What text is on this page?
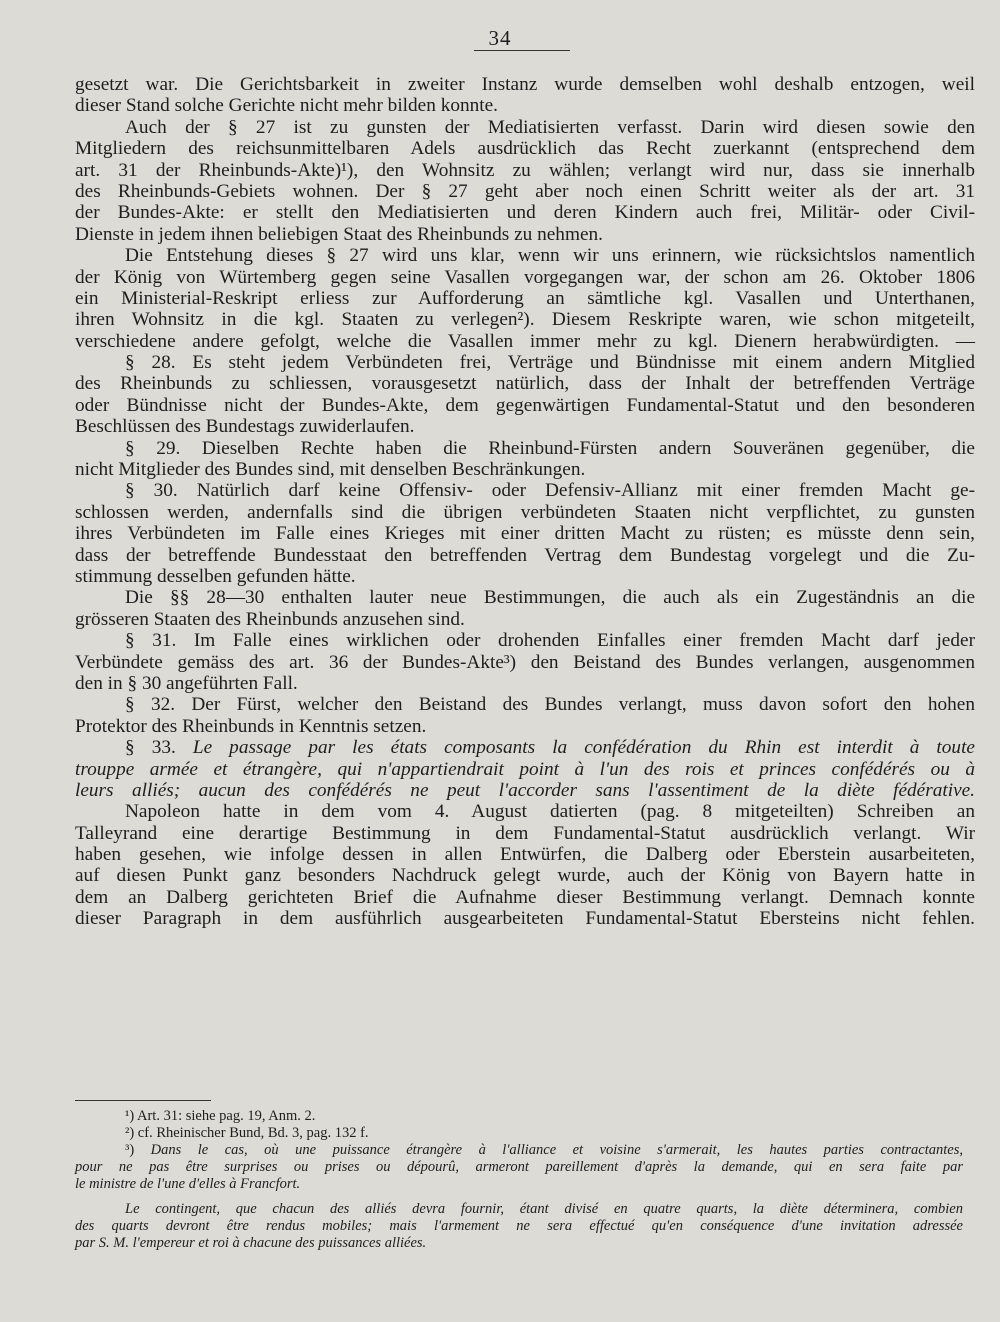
34
gesetzt war. Die Gerichtsbarkeit in zweiter Instanz wurde demselben wohl deshalb entzogen, weil
dieser Stand solche Gerichte nicht mehr bilden konnte.
Auch der § 27 ist zu gunsten der Mediatisierten verfasst. Darin wird diesen sowie den
Mitgliedern des reichsunmittelbaren Adels ausdrücklich das Recht zuerkannt (entsprechend dem
art. 31 der Rheinbunds-Akte)¹), den Wohnsitz zu wählen; verlangt wird nur, dass sie innerhalb
des Rheinbunds-Gebiets wohnen. Der § 27 geht aber noch einen Schritt weiter als der art. 31
der Bundes-Akte: er stellt den Mediatisierten und deren Kindern auch frei, Militär- oder Civil-
Dienste in jedem ihnen beliebigen Staat des Rheinbunds zu nehmen.
Die Entstehung dieses § 27 wird uns klar, wenn wir uns erinnern, wie rücksichtslos namentlich
der König von Würtemberg gegen seine Vasallen vorgegangen war, der schon am 26. Oktober 1806
ein Ministerial-Reskript erliess zur Aufforderung an sämtliche kgl. Vasallen und Unterthanen,
ihren Wohnsitz in die kgl. Staaten zu verlegen²). Diesem Reskripte waren, wie schon mitgeteilt,
verschiedene andere gefolgt, welche die Vasallen immer mehr zu kgl. Dienern herabwürdigten. —
§ 28. Es steht jedem Verbündeten frei, Verträge und Bündnisse mit einem andern Mitglied
des Rheinbunds zu schliessen, vorausgesetzt natürlich, dass der Inhalt der betreffenden Verträge
oder Bündnisse nicht der Bundes-Akte, dem gegenwärtigen Fundamental-Statut und den besonderen
Beschlüssen des Bundestags zuwiderlaufen.
§ 29. Dieselben Rechte haben die Rheinbund-Fürsten andern Souveränen gegenüber, die
nicht Mitglieder des Bundes sind, mit denselben Beschränkungen.
§ 30. Natürlich darf keine Offensiv- oder Defensiv-Allianz mit einer fremden Macht ge-
schlossen werden, andernfalls sind die übrigen verbündeten Staaten nicht verpflichtet, zu gunsten
ihres Verbündeten im Falle eines Krieges mit einer dritten Macht zu rüsten; es müsste denn sein,
dass der betreffende Bundesstaat den betreffenden Vertrag dem Bundestag vorgelegt und die Zu-
stimmung desselben gefunden hätte.
Die §§ 28—30 enthalten lauter neue Bestimmungen, die auch als ein Zugeständnis an die
grösseren Staaten des Rheinbunds anzusehen sind.
§ 31. Im Falle eines wirklichen oder drohenden Einfalles einer fremden Macht darf jeder
Verbündete gemäss des art. 36 der Bundes-Akte³) den Beistand des Bundes verlangen, ausgenommen
den in § 30 angeführten Fall.
§ 32. Der Fürst, welcher den Beistand des Bundes verlangt, muss davon sofort den hohen
Protektor des Rheinbunds in Kenntnis setzen.
§ 33. Le passage par les états composants la confédération du Rhin est interdit à toute
trouppe armée et étrangère, qui n'appartiendrait point à l'un des rois et princes confédérés ou à
leurs alliés; aucun des confédérés ne peut l'accorder sans l'assentiment de la diète fédérative.
Napoleon hatte in dem vom 4. August datierten (pag. 8 mitgeteilten) Schreiben an
Talleyrand eine derartige Bestimmung in dem Fundamental-Statut ausdrücklich verlangt. Wir
haben gesehen, wie infolge dessen in allen Entwürfen, die Dalberg oder Eberstein ausarbeiteten,
auf diesen Punkt ganz besonders Nachdruck gelegt wurde, auch der König von Bayern hatte in
dem an Dalberg gerichteten Brief die Aufnahme dieser Bestimmung verlangt. Demnach konnte
dieser Paragraph in dem ausführlich ausgearbeiteten Fundamental-Statut Ebersteins nicht fehlen.
¹) Art. 31: siehe pag. 19, Anm. 2.
²) cf. Rheinischer Bund, Bd. 3, pag. 132 f.
³) Dans le cas, où une puissance étrangère à l'alliance et voisine s'armerait, les hautes parties contractantes,
pour ne pas être surprises ou prises ou dépourû, armeront pareillement d'après la demande, qui en sera faite par
le ministre de l'une d'elles à Francfort.
Le contingent, que chacun des alliés devra fournir, étant divisé en quatre quarts, la diète déterminera, combien
des quarts devront être rendus mobiles; mais l'armement ne sera effectué qu'en conséquence d'une invitation adressée
par S. M. l'empereur et roi à chacune des puissances alliées.
